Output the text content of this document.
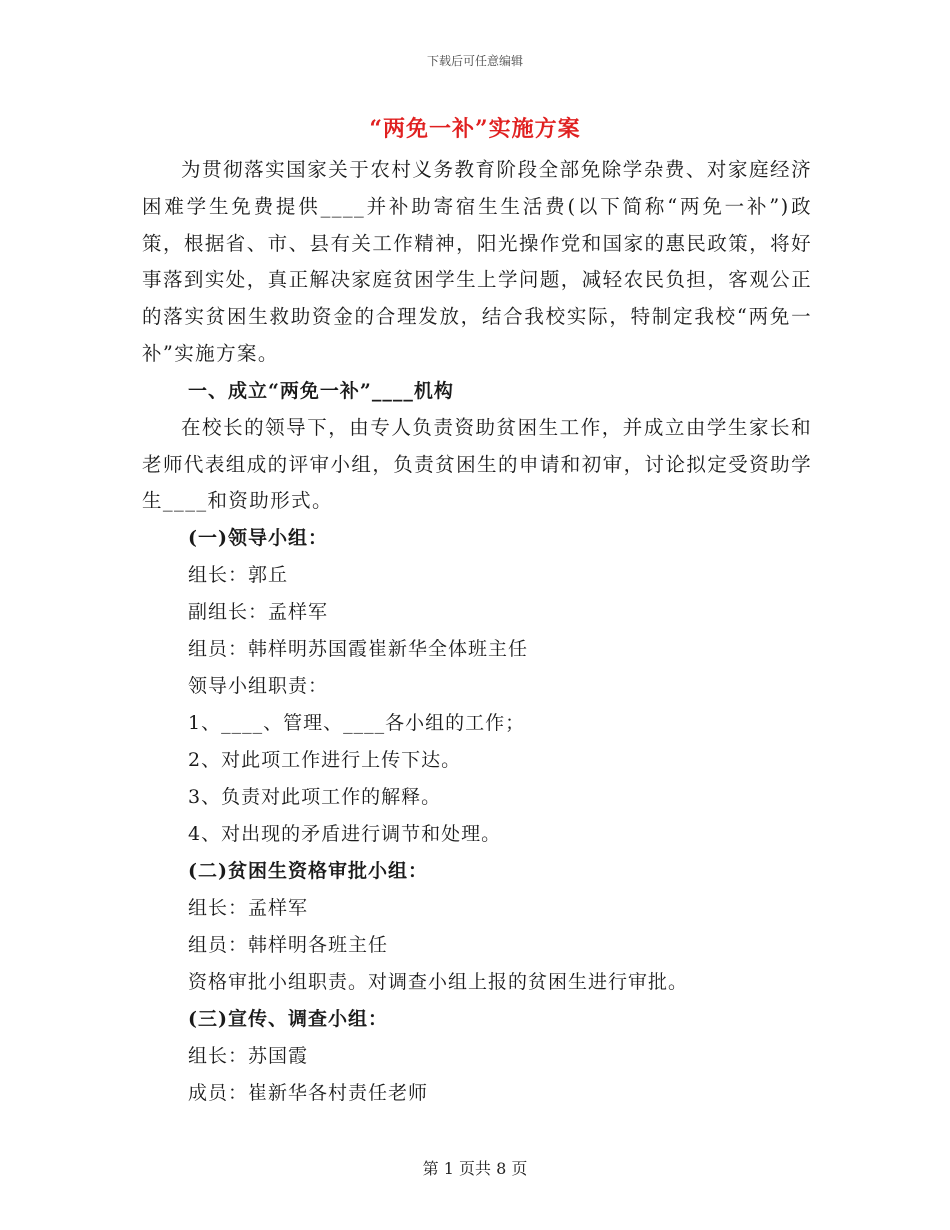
下载后可任意编辑
“两免一补”实施方案

为贯彻落实国家关于农村义务教育阶段全部免除学杂费、对家庭经济困难学生免费提供____并补助寄宿生生活费(以下简称“两免一补”)政策，根据省、市、县有关工作精神，阳光操作党和国家的惠民政策，将好事落到实处，真正解决家庭贫困学生上学问题，减轻农民负担，客观公正的落实贫困生救助资金的合理发放，结合我校实际，特制定我校“两免一补”实施方案。

一、成立“两免一补”____机构

在校长的领导下，由专人负责资助贫困生工作，并成立由学生家长和老师代表组成的评审小组，负责贫困生的申请和初审，讨论拟定受资助学生____和资助形式。

(一)领导小组：

组长：郭丘

副组长：孟样军

组员：韩样明苏国霞崔新华全体班主任

领导小组职责：

1、____、管理、____各小组的工作；

2、对此项工作进行上传下达。

3、负责对此项工作的解释。

4、对出现的矛盾进行调节和处理。

(二)贫困生资格审批小组：

组长：孟样军

组员：韩样明各班主任

资格审批小组职责。对调查小组上报的贫困生进行审批。

(三)宣传、调查小组：

组长：苏国霞

成员：崔新华各村责任老师

第 1 页共 8 页
